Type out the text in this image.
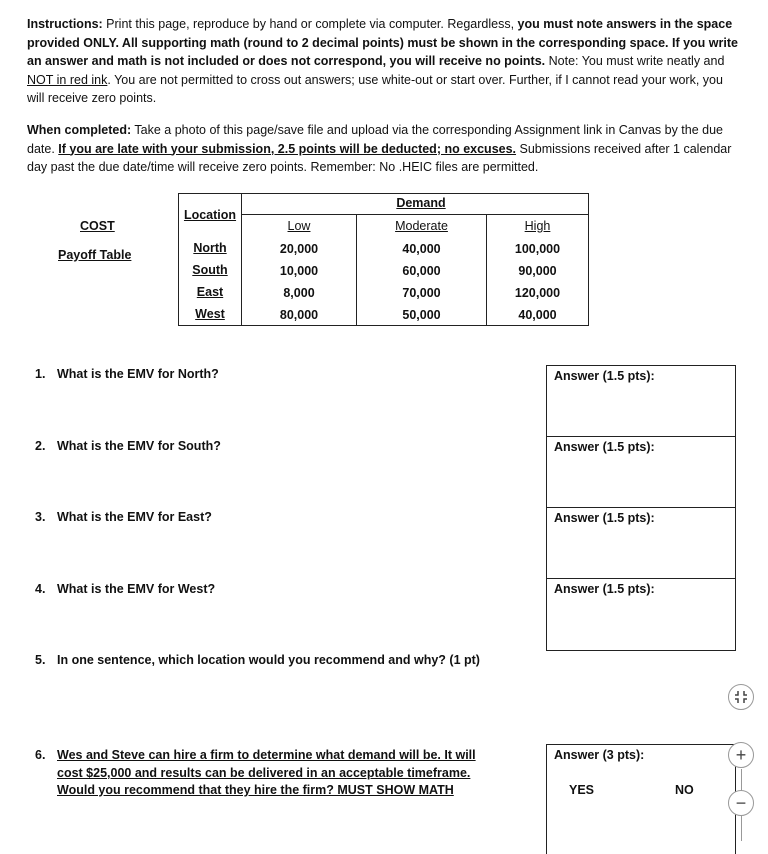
Instructions: Print this page, reproduce by hand or complete via computer. Regardless, you must note answers in the space provided ONLY. All supporting math (round to 2 decimal points) must be shown in the corresponding space. If you write an answer and math is not included or does not correspond, you will receive no points. Note: You must write neatly and NOT in red ink. You are not permitted to cross out answers; use white-out or start over. Further, if I cannot read your work, you will receive zero points.
When completed: Take a photo of this page/save file and upload via the corresponding Assignment link in Canvas by the due date. If you are late with your submission, 2.5 points will be deducted; no excuses. Submissions received after 1 calendar day past the due date/time will receive zero points. Remember: No .HEIC files are permitted.
COST
Payoff Table
Location
Demand
Low	Moderate	High
North	20,000	40,000	100,000
South	10,000	60,000	90,000
East	8,000	70,000	120,000
West	80,000	50,000	40,000
1. What is the EMV for North?	Answer (1.5 pts):
2. What is the EMV for South?	Answer (1.5 pts):
3. What is the EMV for East?	Answer (1.5 pts):
4. What is the EMV for West?	Answer (1.5 pts):
5. In one sentence, which location would you recommend and why? (1 pt)
6. Wes and Steve can hire a firm to determine what demand will be. It will
cost $25,000 and results can be delivered in an acceptable timeframe.
Would you recommend that they hire the firm? MUST SHOW MATH
Answer (3 pts):
YES	NO
+
−
